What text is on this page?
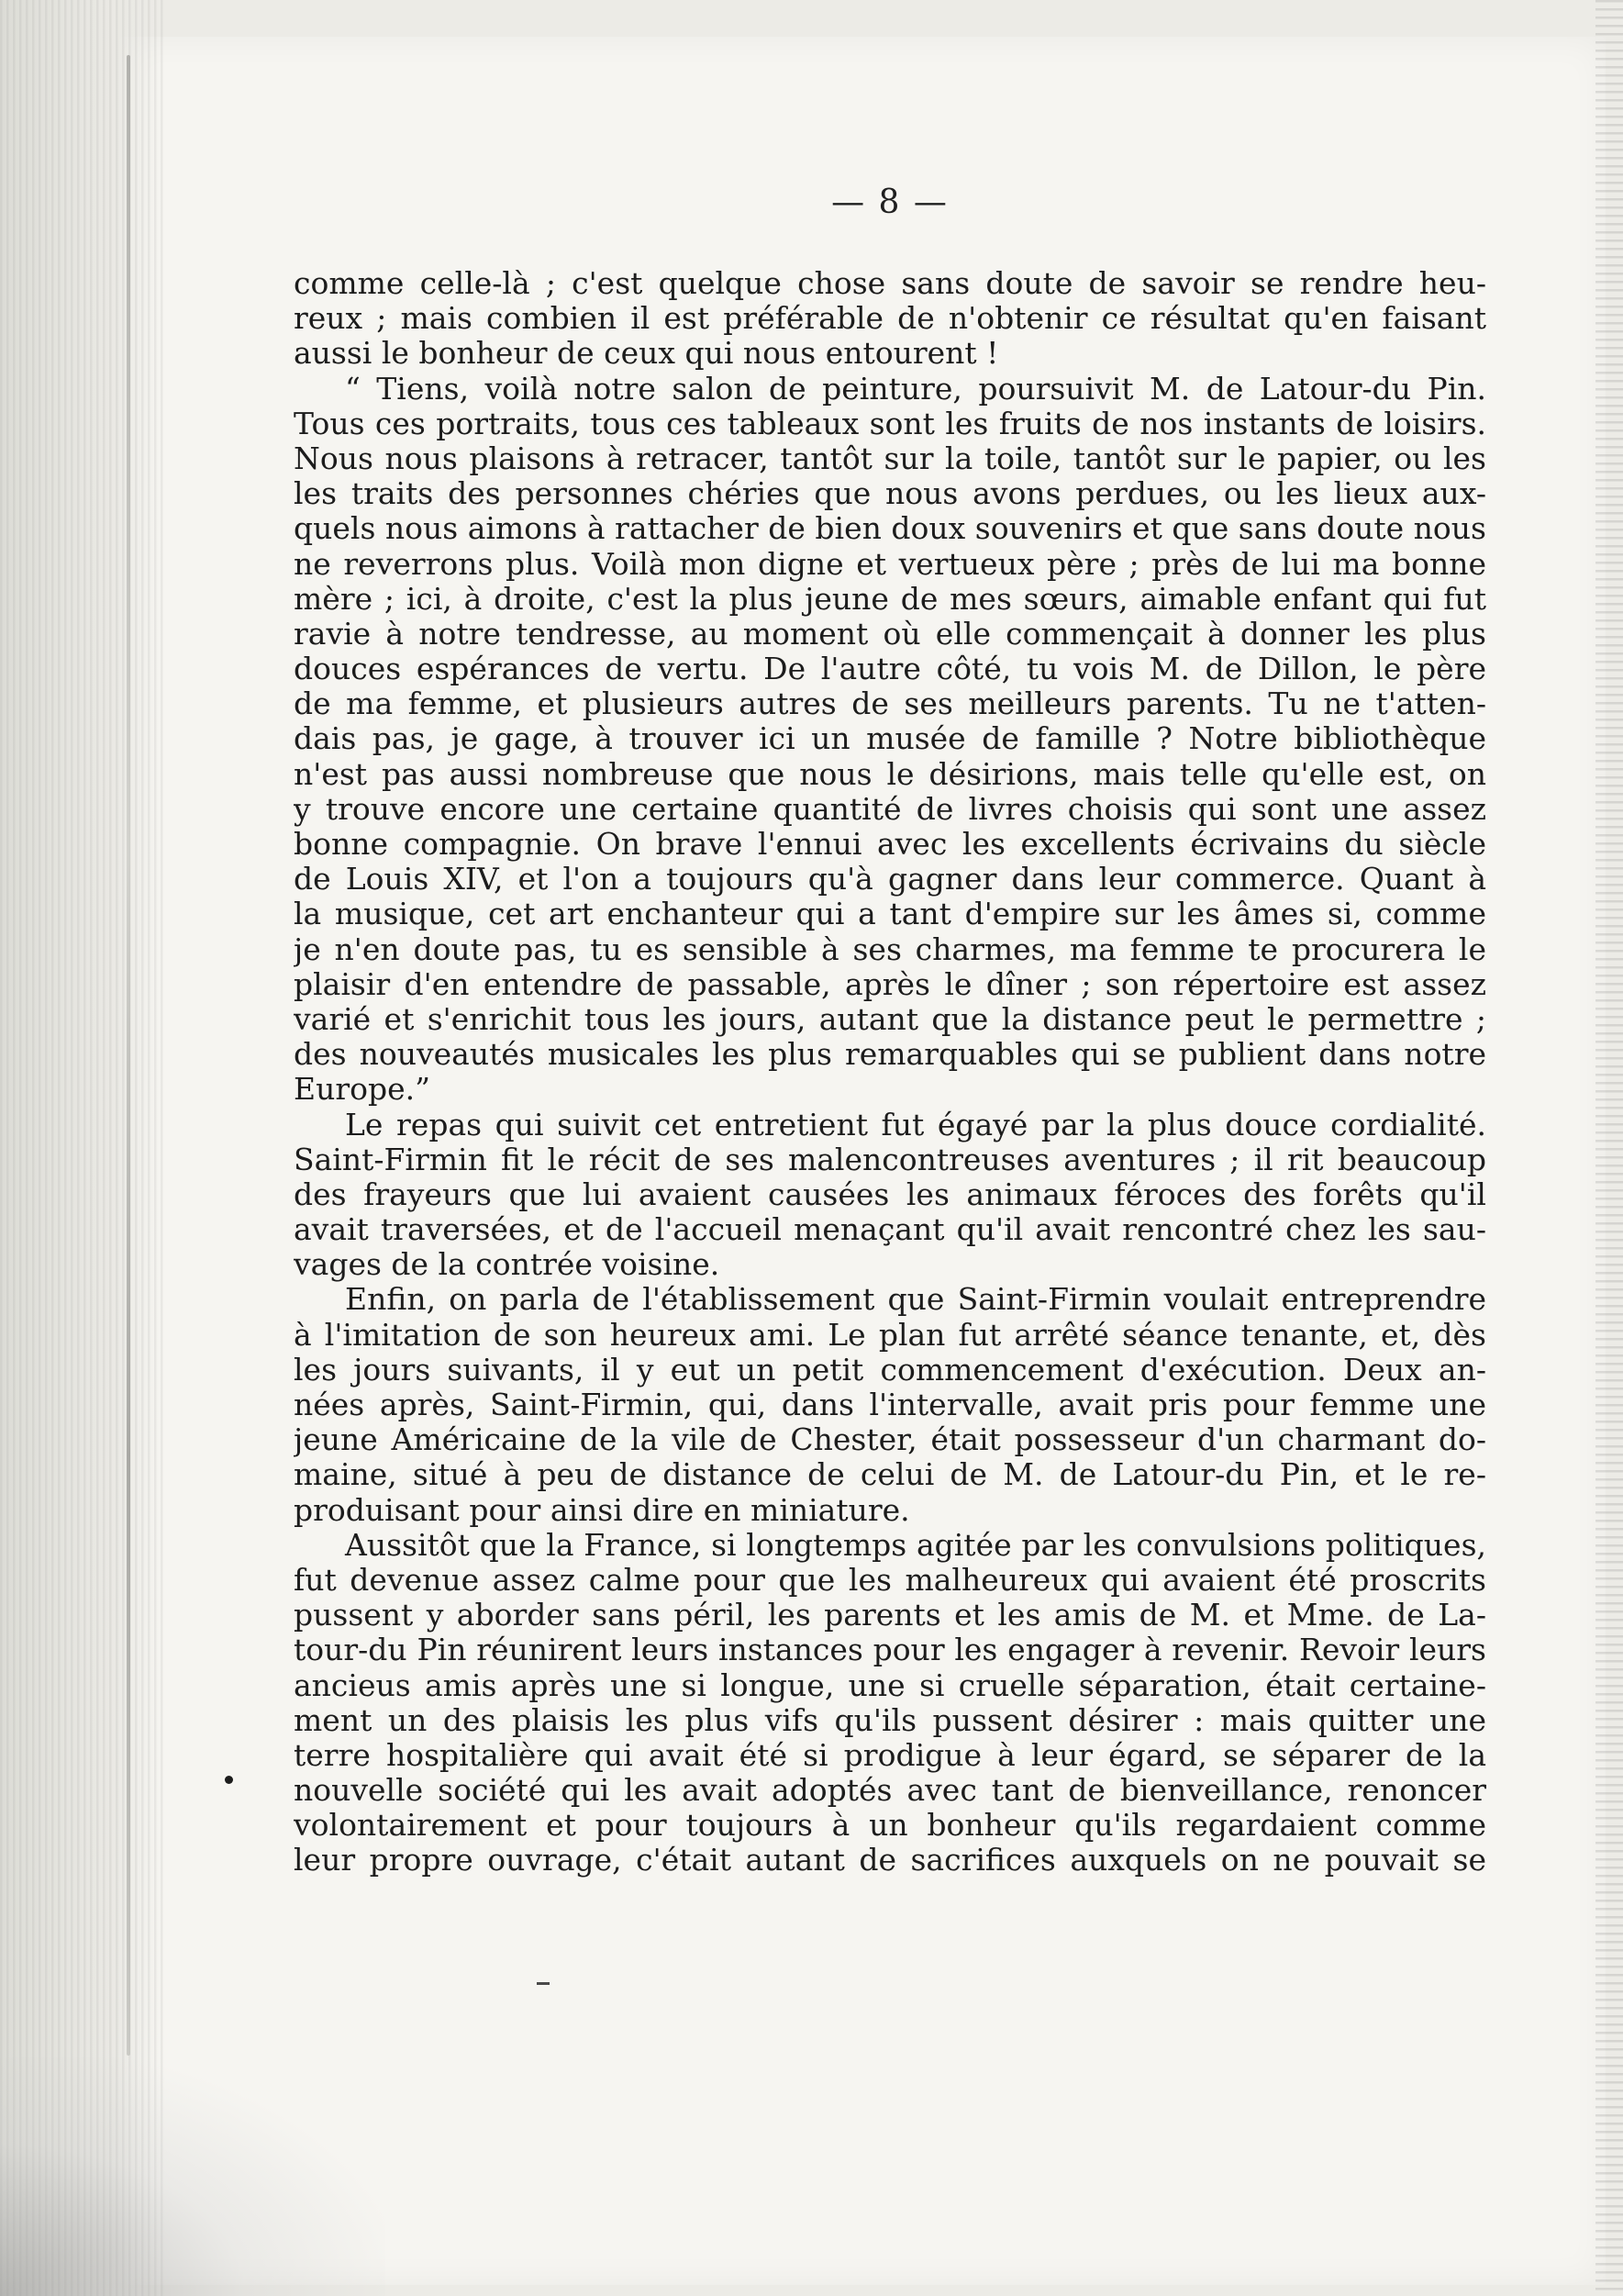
— 8 —
comme celle-là ; c'est quelque chose sans doute de savoir se rendre heu-
reux ; mais combien il est préférable de n'obtenir ce résultat qu'en faisant
aussi le bonheur de ceux qui nous entourent !
“ Tiens, voilà notre salon de peinture, poursuivit M. de Latour-du Pin.
Tous ces portraits, tous ces tableaux sont les fruits de nos instants de loisirs.
Nous nous plaisons à retracer, tantôt sur la toile, tantôt sur le papier, ou les
les traits des personnes chéries que nous avons perdues, ou les lieux aux-
quels nous aimons à rattacher de bien doux souvenirs et que sans doute nous
ne reverrons plus. Voilà mon digne et vertueux père ; près de lui ma bonne
mère ; ici, à droite, c'est la plus jeune de mes sœurs, aimable enfant qui fut
ravie à notre tendresse, au moment où elle commençait à donner les plus
douces espérances de vertu. De l'autre côté, tu vois M. de Dillon, le père
de ma femme, et plusieurs autres de ses meilleurs parents. Tu ne t'atten-
dais pas, je gage, à trouver ici un musée de famille ? Notre bibliothèque
n'est pas aussi nombreuse que nous le désirions, mais telle qu'elle est, on
y trouve encore une certaine quantité de livres choisis qui sont une assez
bonne compagnie. On brave l'ennui avec les excellents écrivains du siècle
de Louis XIV, et l'on a toujours qu'à gagner dans leur commerce. Quant à
la musique, cet art enchanteur qui a tant d'empire sur les âmes si, comme
je n'en doute pas, tu es sensible à ses charmes, ma femme te procurera le
plaisir d'en entendre de passable, après le dîner ; son répertoire est assez
varié et s'enrichit tous les jours, autant que la distance peut le permettre ;
des nouveautés musicales les plus remarquables qui se publient dans notre
Europe.”
Le repas qui suivit cet entretient fut égayé par la plus douce cordialité.
Saint-Firmin fit le récit de ses malencontreuses aventures ; il rit beaucoup
des frayeurs que lui avaient causées les animaux féroces des forêts qu'il
avait traversées, et de l'accueil menaçant qu'il avait rencontré chez les sau-
vages de la contrée voisine.
Enfin, on parla de l'établissement que Saint-Firmin voulait entreprendre
à l'imitation de son heureux ami. Le plan fut arrêté séance tenante, et, dès
les jours suivants, il y eut un petit commencement d'exécution. Deux an-
nées après, Saint-Firmin, qui, dans l'intervalle, avait pris pour femme une
jeune Américaine de la vile de Chester, était possesseur d'un charmant do-
maine, situé à peu de distance de celui de M. de Latour-du Pin, et le re-
produisant pour ainsi dire en miniature.
Aussitôt que la France, si longtemps agitée par les convulsions politiques,
fut devenue assez calme pour que les malheureux qui avaient été proscrits
pussent y aborder sans péril, les parents et les amis de M. et Mme. de La-
tour-du Pin réunirent leurs instances pour les engager à revenir. Revoir leurs
ancieus amis après une si longue, une si cruelle séparation, était certaine-
ment un des plaisis les plus vifs qu'ils pussent désirer : mais quitter une
terre hospitalière qui avait été si prodigue à leur égard, se séparer de la
nouvelle société qui les avait adoptés avec tant de bienveillance, renoncer
volontairement et pour toujours à un bonheur qu'ils regardaient comme
leur propre ouvrage, c'était autant de sacrifices auxquels on ne pouvait se
